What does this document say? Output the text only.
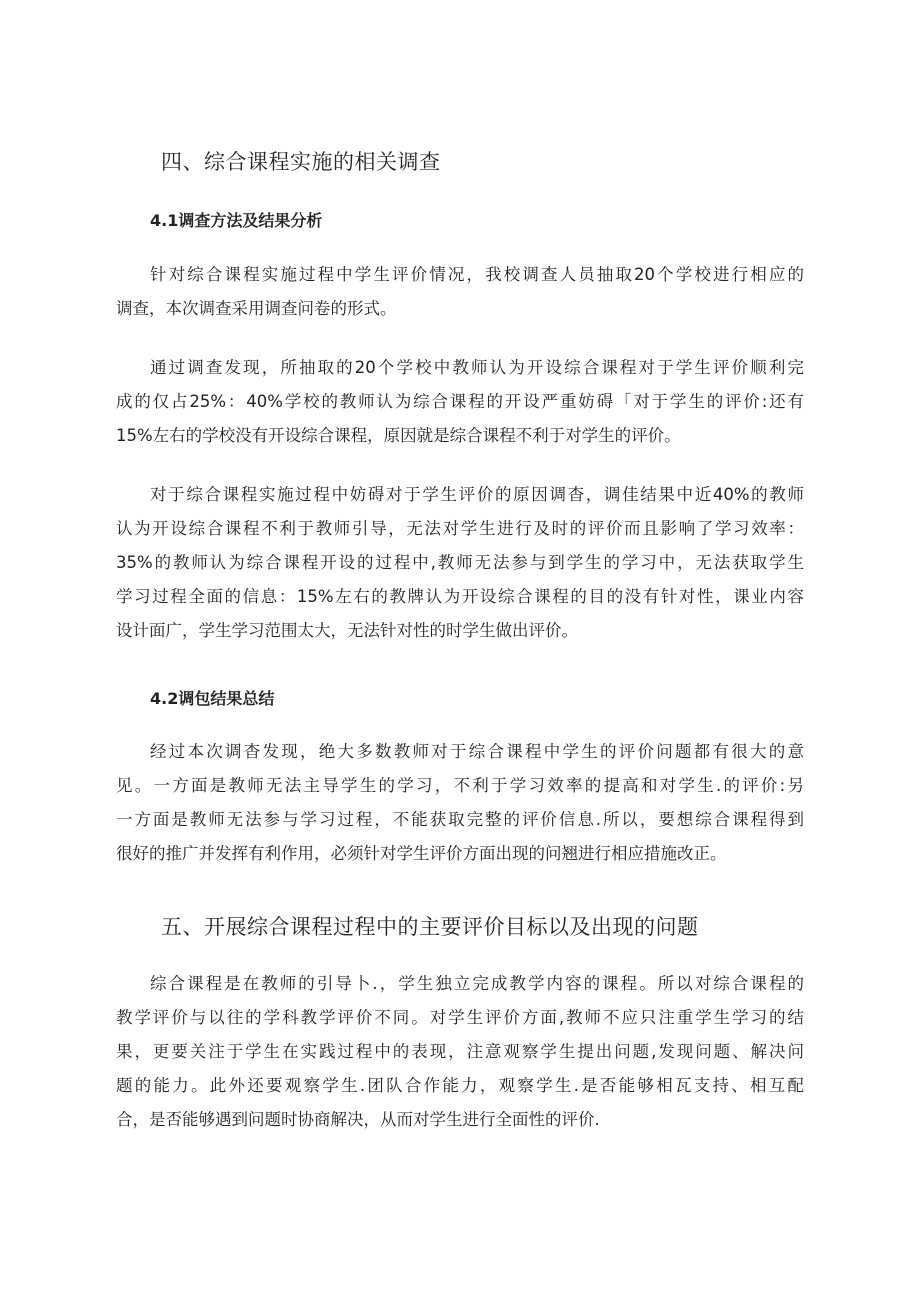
四、综合课程实施的相关调查
4.1调查方法及结果分析

针对综合课程实施过程中学生评价情况，我校调查人员抽取20个学校进行相应的
调查，本次调查采用调查问卷的形式。

通过调查发现，所抽取的20个学校中教师认为开设综合课程对于学生评价顺利完
成的仅占25%：40%学校的教师认为综合课程的开设严重妨碍「对于学生的评价:还有
15%左右的学校没有开设综合课程，原因就是综合课程不利于对学生的评价。

对于综合课程实施过程中妨碍对于学生评价的原因调杳，调佳结果中近40%的教师
认为开设综合课程不利于教师引导，无法对学生进行及时的评价而且影响了学习效率：
35%的教师认为综合课程开设的过程中,教师无法参与到学生的学习中，无法获取学生
学习过程全面的信息：15%左右的教牌认为开设综合课程的目的没有针对性，课业内容
设计面广，学生学习范围太大，无法针对性的时学生做出评价。

4.2调包结果总结

经过本次调杳发现，绝大多数教师对于综合课程中学生的评价问题都有很大的意
见。一方面是教师无法主导学生的学习，不利于学习效率的提高和对学生.的评价:另
一方面是教师无法参与学习过程，不能获取完整的评价信息.所以，要想综合课程得到
很好的推广并发挥有利作用，必须针对学生评价方面出现的问翘进行相应措施改正。

五、开展综合课程过程中的主要评价目标以及出现的问题

综合课程是在教师的引导卜.，学生独立完成教学内容的课程。所以对综合课程的
教学评价与以往的学科教学评价不同。对学生评价方面,教师不应只注重学生学习的结
果，更要关注于学生在实践过程中的表现，注意观察学生提出问题,发现问题、解决问
题的能力。此外还要观察学生.团队合作能力，观察学生.是否能够相瓦支持、相互配
合，是否能够遇到问题时协商解决，从而对学生进行全面性的评价.
